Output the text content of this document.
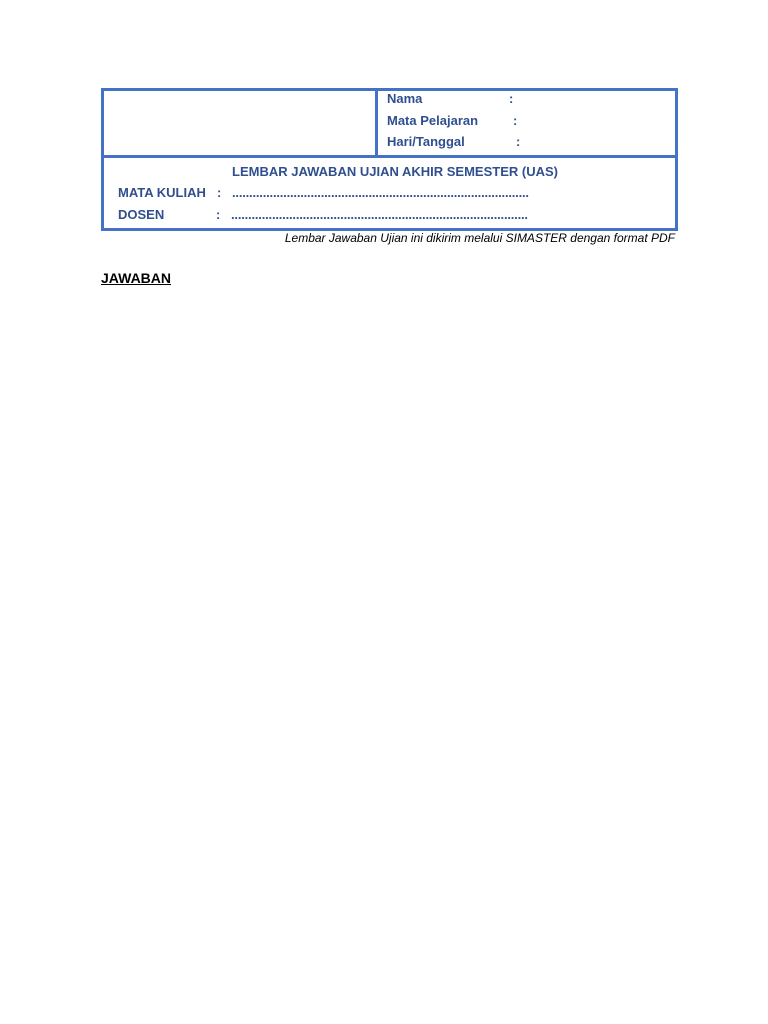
Nama	:
Mata Pelajaran	:
Hari/Tanggal	:
LEMBAR JAWABAN UJIAN AKHIR SEMESTER (UAS)
MATA KULIAH : .......................................................................................
DOSEN	: .......................................................................................
Lembar Jawaban Ujian ini dikirim melalui SIMASTER dengan format PDF
JAWABAN
